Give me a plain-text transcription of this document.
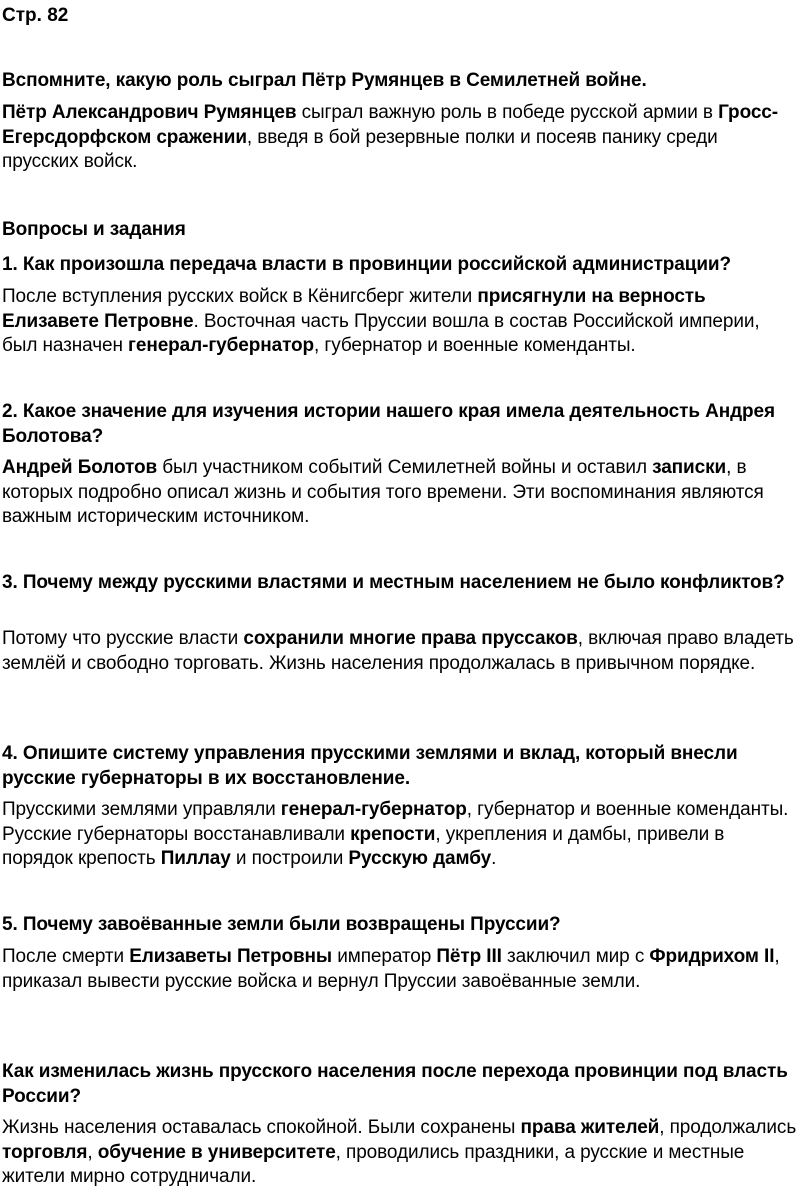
Стр. 82

Вспомните, какую роль сыграл Пётр Румянцев в Семилетней войне.

Пётр Александрович Румянцев сыграл важную роль в победе русской армии в Гросс-Егерсдорфском сражении, введя в бой резервные полки и посеяв панику среди прусских войск.

Вопросы и задания

1. Как произошла передача власти в провинции российской администрации?

После вступления русских войск в Кёнигсберг жители присягнули на верность Елизавете Петровне. Восточная часть Пруссии вошла в состав Российской империи, был назначен генерал-губернатор, губернатор и военные коменданты.

2. Какое значение для изучения истории нашего края имела деятельность Андрея Болотова?

Андрей Болотов был участником событий Семилетней войны и оставил записки, в которых подробно описал жизнь и события того времени. Эти воспоминания являются важным историческим источником.

3. Почему между русскими властями и местным населением не было конфликтов?

Потому что русские власти сохранили многие права пруссаков, включая право владеть землёй и свободно торговать. Жизнь населения продолжалась в привычном порядке.

4. Опишите систему управления прусскими землями и вклад, который внесли русские губернаторы в их восстановление.

Прусскими землями управляли генерал-губернатор, губернатор и военные коменданты. Русские губернаторы восстанавливали крепости, укрепления и дамбы, привели в порядок крепость Пиллау и построили Русскую дамбу.

5. Почему завоёванные земли были возвращены Пруссии?

После смерти Елизаветы Петровны император Пётр III заключил мир с Фридрихом II, приказал вывести русские войска и вернул Пруссии завоёванные земли.

Как изменилась жизнь прусского населения после перехода провинции под власть России?

Жизнь населения оставалась спокойной. Были сохранены права жителей, продолжались торговля, обучение в университете, проводились праздники, а русские и местные жители мирно сотрудничали.
